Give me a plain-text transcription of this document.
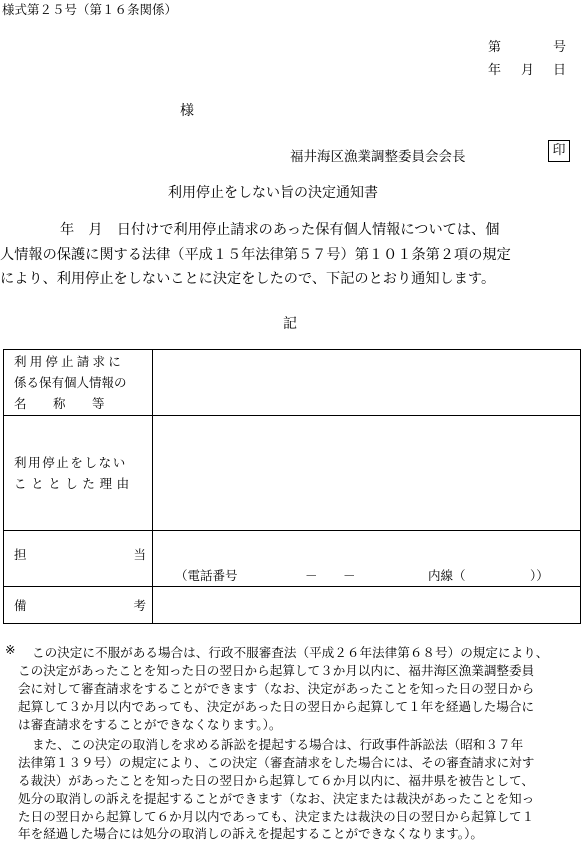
様式第２５号（第１６条関係）
第	号
年 月 日
様
福井海区漁業調整委員会会長	印
利用停止をしない旨の決定通知書
年　月　日付けで利用停止請求のあった保有個人情報については、個
人情報の保護に関する法律（平成１５年法律第５７号）第１０１条第２項の規定
により、利用停止をしないことに決定をしたので、下記のとおり通知します。
記
利用停止請求に
係る保有個人情報の
名　　称　　等	

利用停止をしない
こととした理由	

担 当	（電話番号 － － 内線（ ））

備 考	

※ この決定に不服がある場合は、行政不服審査法（平成２６年法律第６８号）の規定により、
この決定があったことを知った日の翌日から起算して３か月以内に、福井海区漁業調整委員
会に対して審査請求をすることができます（なお、決定があったことを知った日の翌日から
起算して３か月以内であっても、決定があった日の翌日から起算して１年を経過した場合に
は審査請求をすることができなくなります。）。
また、この決定の取消しを求める訴訟を提起する場合は、行政事件訴訟法（昭和３７年
法律第１３９号）の規定により、この決定（審査請求をした場合には、その審査請求に対す
る裁決）があったことを知った日の翌日から起算して６か月以内に、福井県を被告として、
処分の取消しの訴えを提起することができます（なお、決定または裁決があったことを知っ
た日の翌日から起算して６か月以内であっても、決定または裁決の日の翌日から起算して１
年を経過した場合には処分の取消しの訴えを提起することができなくなります。）。
